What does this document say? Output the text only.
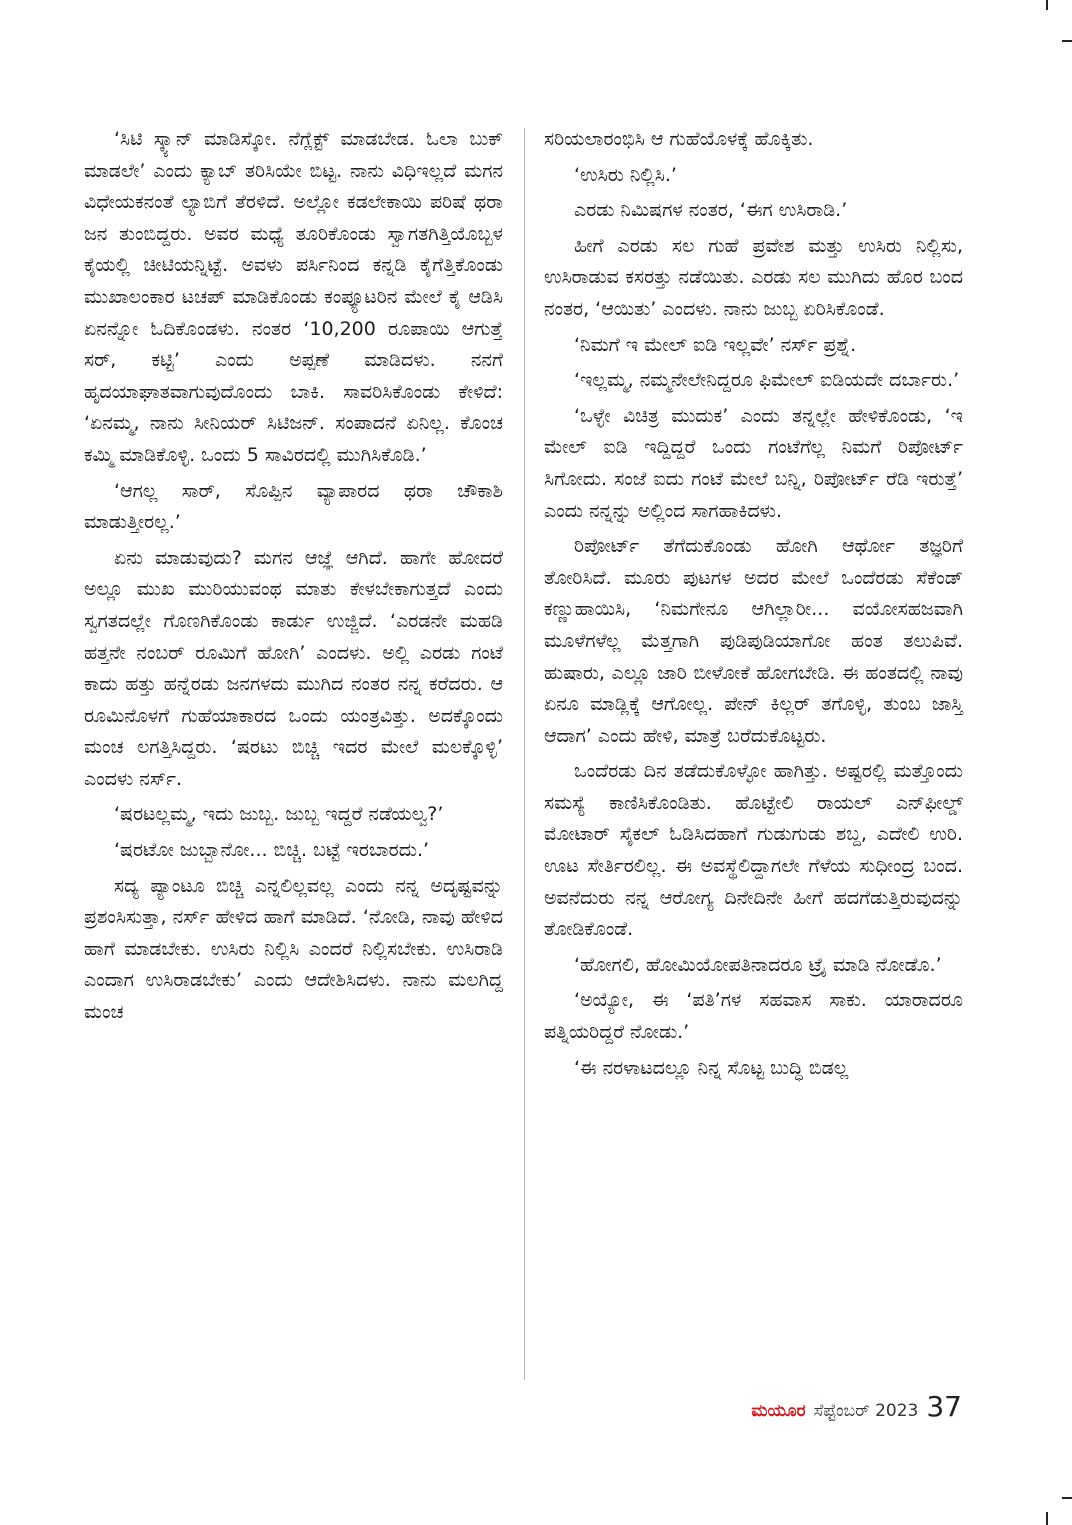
‘ಸಿಟಿ ಸ್ಕ್ಯಾನ್ ಮಾಡಿಸ್ಕೋ. ನೆಗ್ಲೆಕ್ಟ್ ಮಾಡಬೇಡ. ಓಲಾ ಬುಕ್ ಮಾಡಲೇ’ ಎಂದು ಕ್ಯಾಬ್ ತರಿಸಿಯೇ ಬಿಟ್ಟ. ನಾನು ವಿಧಿಇಲ್ಲದೆ ಮಗನ ವಿಧೇಯಕನಂತೆ ಲ್ಯಾಬಿಗೆ ತೆರಳಿದೆ. ಅಲ್ಲೋ ಕಡಲೇಕಾಯಿ ಪರಿಷೆ ಥರಾ ಜನ ತುಂಬಿದ್ದರು. ಅವರ ಮಧ್ಯೆ ತೂರಿಕೊಂಡು ಸ್ವಾಗತಗಿತ್ತಿಯೊಬ್ಬಳ ಕೈಯಲ್ಲಿ ಚೀಟಿಯನ್ನಿಟ್ಟೆ. ಅವಳು ಪರ್ಸಿನಿಂದ ಕನ್ನಡಿ ಕೈಗೆತ್ತಿಕೊಂಡು ಮುಖಾಲಂಕಾರ ಟಚಪ್ ಮಾಡಿಕೊಂಡು ಕಂಪ್ಯೂಟರಿನ ಮೇಲೆ ಕೈ ಆಡಿಸಿ ಏನನ್ನೋ ಓದಿಕೊಂಡಳು. ನಂತರ ‘10,200 ರೂಪಾಯಿ ಆಗುತ್ತೆ ಸರ್, ಕಟ್ಟಿ’ ಎಂದು ಅಪ್ಪಣೆ ಮಾಡಿದಳು. ನನಗೆ ಹೃದಯಾಘಾತವಾಗುವುದೊಂದು ಬಾಕಿ. ಸಾವರಿಸಿಕೊಂಡು ಕೇಳಿದೆ: ‘ಏನಮ್ಮ, ನಾನು ಸೀನಿಯರ್ ಸಿಟಿಜನ್. ಸಂಪಾದನೆ ಏನಿಲ್ಲ. ಕೊಂಚ ಕಮ್ಮಿ ಮಾಡಿಕೊಳ್ಳಿ. ಒಂದು 5 ಸಾವಿರದಲ್ಲಿ ಮುಗಿಸಿಕೊಡಿ.’

‘ಆಗಲ್ಲ ಸಾರ್, ಸೊಪ್ಪಿನ ವ್ಯಾಪಾರದ ಥರಾ ಚೌಕಾಶಿ ಮಾಡುತ್ತೀರಲ್ಲ.’

ಏನು ಮಾಡುವುದು? ಮಗನ ಆಜ್ಞೆ ಆಗಿದೆ. ಹಾಗೇ ಹೋದರೆ ಅಲ್ಲೂ ಮುಖ ಮುರಿಯುವಂಥ ಮಾತು ಕೇಳಬೇಕಾಗುತ್ತದೆ ಎಂದು ಸ್ವಗತದಲ್ಲೇ ಗೊಣಗಿಕೊಂಡು ಕಾರ್ಡು ಉಜ್ಜಿದೆ. ‘ಎರಡನೇ ಮಹಡಿ ಹತ್ತನೇ ನಂಬರ್ ರೂಮಿಗೆ ಹೋಗಿ’ ಎಂದಳು. ಅಲ್ಲಿ ಎರಡು ಗಂಟೆ ಕಾದು ಹತ್ತು ಹನ್ನೆರಡು ಜನಗಳದು ಮುಗಿದ ನಂತರ ನನ್ನ ಕರೆದರು. ಆ ರೂಮಿನೊಳಗೆ ಗುಹೆಯಾಕಾರದ ಒಂದು ಯಂತ್ರವಿತ್ತು. ಅದಕ್ಕೊಂದು ಮಂಚ ಲಗತ್ತಿಸಿದ್ದರು. ‘ಷರಟು ಬಿಚ್ಚಿ ಇದರ ಮೇಲೆ ಮಲಕ್ಕೊಳ್ಳಿ’ ಎಂದಳು ನರ್ಸ್.

‘ಷರಟಲ್ಲಮ್ಮ, ಇದು ಜುಬ್ಬ. ಜುಬ್ಬ ಇದ್ದರೆ ನಡೆಯಲ್ವ?’

‘ಷರಟೋ ಜುಬ್ಬಾನೋ... ಬಿಚ್ಚಿ. ಬಟ್ಟೆ ಇರಬಾರದು.’

ಸದ್ಯ ಪ್ಯಾಂಟೂ ಬಿಚ್ಚಿ ಎನ್ನಲಿಲ್ಲವಲ್ಲ ಎಂದು ನನ್ನ ಅದೃಷ್ಟವನ್ನು ಪ್ರಶಂಸಿಸುತ್ತಾ, ನರ್ಸ್ ಹೇಳಿದ ಹಾಗೆ ಮಾಡಿದೆ. ‘ನೋಡಿ, ನಾವು ಹೇಳಿದ ಹಾಗೆ ಮಾಡಬೇಕು. ಉಸಿರು ನಿಲ್ಲಿಸಿ ಎಂದರೆ ನಿಲ್ಲಿಸಬೇಕು. ಉಸಿರಾಡಿ ಎಂದಾಗ ಉಸಿರಾಡಬೇಕು’ ಎಂದು ಆದೇಶಿಸಿದಳು. ನಾನು ಮಲಗಿದ್ದ ಮಂಚ

ಸರಿಯಲಾರಂಭಿಸಿ ಆ ಗುಹೆಯೊಳಕ್ಕೆ ಹೊಕ್ಕಿತು.

‘ಉಸಿರು ನಿಲ್ಲಿಸಿ.’

ಎರಡು ನಿಮಿಷಗಳ ನಂತರ, ‘ಈಗ ಉಸಿರಾಡಿ.’

ಹೀಗೆ ಎರಡು ಸಲ ಗುಹೆ ಪ್ರವೇಶ ಮತ್ತು ಉಸಿರು ನಿಲ್ಲಿಸು, ಉಸಿರಾಡುವ ಕಸರತ್ತು ನಡೆಯಿತು. ಎರಡು ಸಲ ಮುಗಿದು ಹೊರ ಬಂದ ನಂತರ, ‘ಆಯಿತು’ ಎಂದಳು. ನಾನು ಜುಬ್ಬ ಏರಿಸಿಕೊಂಡೆ.

‘ನಿಮಗೆ ಇ ಮೇಲ್ ಐಡಿ ಇಲ್ಲವೇ’ ನರ್ಸ್ ಪ್ರಶ್ನೆ.

‘ಇಲ್ಲಮ್ಮ, ನಮ್ಮನೇಲೇನಿದ್ದರೂ ಫಿಮೇಲ್ ಐಡಿಯದೇ ದರ್ಬಾರು.’

‘ಒಳ್ಳೇ ವಿಚಿತ್ರ ಮುದುಕ’ ಎಂದು ತನ್ನಲ್ಲೇ ಹೇಳಿಕೊಂಡು, ‘ಇ ಮೇಲ್ ಐಡಿ ಇದ್ದಿದ್ದರೆ ಒಂದು ಗಂಟೆಗೆಲ್ಲ ನಿಮಗೆ ರಿಪೋರ್ಟ್ ಸಿಗೋದು. ಸಂಜೆ ಐದು ಗಂಟೆ ಮೇಲೆ ಬನ್ನಿ, ರಿಪೋರ್ಟ್ ರೆಡಿ ಇರುತ್ತೆ’ ಎಂದು ನನ್ನನ್ನು ಅಲ್ಲಿಂದ ಸಾಗಹಾಕಿದಳು.

ರಿಪೋರ್ಟ್ ತೆಗೆದುಕೊಂಡು ಹೋಗಿ ಆರ್ಥೋ ತಜ್ಞರಿಗೆ ತೋರಿಸಿದೆ. ಮೂರು ಪುಟಗಳ ಅದರ ಮೇಲೆ ಒಂದೆರಡು ಸೆಕೆಂಡ್ ಕಣ್ಣುಹಾಯಿಸಿ, ‘ನಿಮಗೇನೂ ಆಗಿಲ್ಲಾರೀ... ವಯೋಸಹಜವಾಗಿ ಮೂಳೆಗಳೆಲ್ಲ ಮೆತ್ತಗಾಗಿ ಪುಡಿಪುಡಿಯಾಗೋ ಹಂತ ತಲುಪಿವೆ. ಹುಷಾರು, ಎಲ್ಲೂ ಜಾರಿ ಬೀಳೋಕೆ ಹೋಗಬೇಡಿ. ಈ ಹಂತದಲ್ಲಿ ನಾವು ಏನೂ ಮಾಡ್ಲಿಕ್ಕೆ ಆಗೋಲ್ಲ. ಪೇನ್ ಕಿಲ್ಲರ್ ತಗೊಳ್ಳಿ, ತುಂಬ ಜಾಸ್ತಿ ಆದಾಗ’ ಎಂದು ಹೇಳಿ, ಮಾತ್ರೆ ಬರೆದುಕೊಟ್ಟರು.

ಒಂದೆರಡು ದಿನ ತಡೆದುಕೊಳ್ಳೋ ಹಾಗಿತ್ತು. ಅಷ್ಟರಲ್ಲಿ ಮತ್ತೊಂದು ಸಮಸ್ಯೆ ಕಾಣಿಸಿಕೊಂಡಿತು. ಹೊಟ್ಟೇಲಿ ರಾಯಲ್ ಎನ್‌ಫೀಲ್ಡ್ ಮೋಟಾರ್ ಸೈಕಲ್ ಓಡಿಸಿದಹಾಗೆ ಗುಡುಗುಡು ಶಬ್ದ, ಎದೇಲಿ ಉರಿ. ಊಟ ಸೇರ್ತಿರಲಿಲ್ಲ. ಈ ಅವಸ್ಥೆಲಿದ್ದಾಗಲೇ ಗೆಳೆಯ ಸುಧೀಂದ್ರ ಬಂದ. ಅವನೆದುರು ನನ್ನ ಆರೋಗ್ಯ ದಿನೇದಿನೇ ಹೀಗೆ ಹದಗೆಡುತ್ತಿರುವುದನ್ನು ತೋಡಿಕೊಂಡೆ.

‘ಹೋಗಲಿ, ಹೋಮಿಯೋಪತಿನಾದರೂ ಟ್ರೈ ಮಾಡಿ ನೋಡೊ.’

‘ಅಯ್ಯೋ, ಈ ‘ಪತಿ’ಗಳ ಸಹವಾಸ ಸಾಕು. ಯಾರಾದರೂ ಪತ್ನಿಯರಿದ್ದರೆ ನೋಡು.’

‘ಈ ನರಳಾಟದಲ್ಲೂ ನಿನ್ನ ಸೊಟ್ಟ ಬುದ್ಧಿ ಬಿಡಲ್ಲ

ಮಯೂರ ಸೆಪ್ಟೆಂಬರ್ 2023 37
